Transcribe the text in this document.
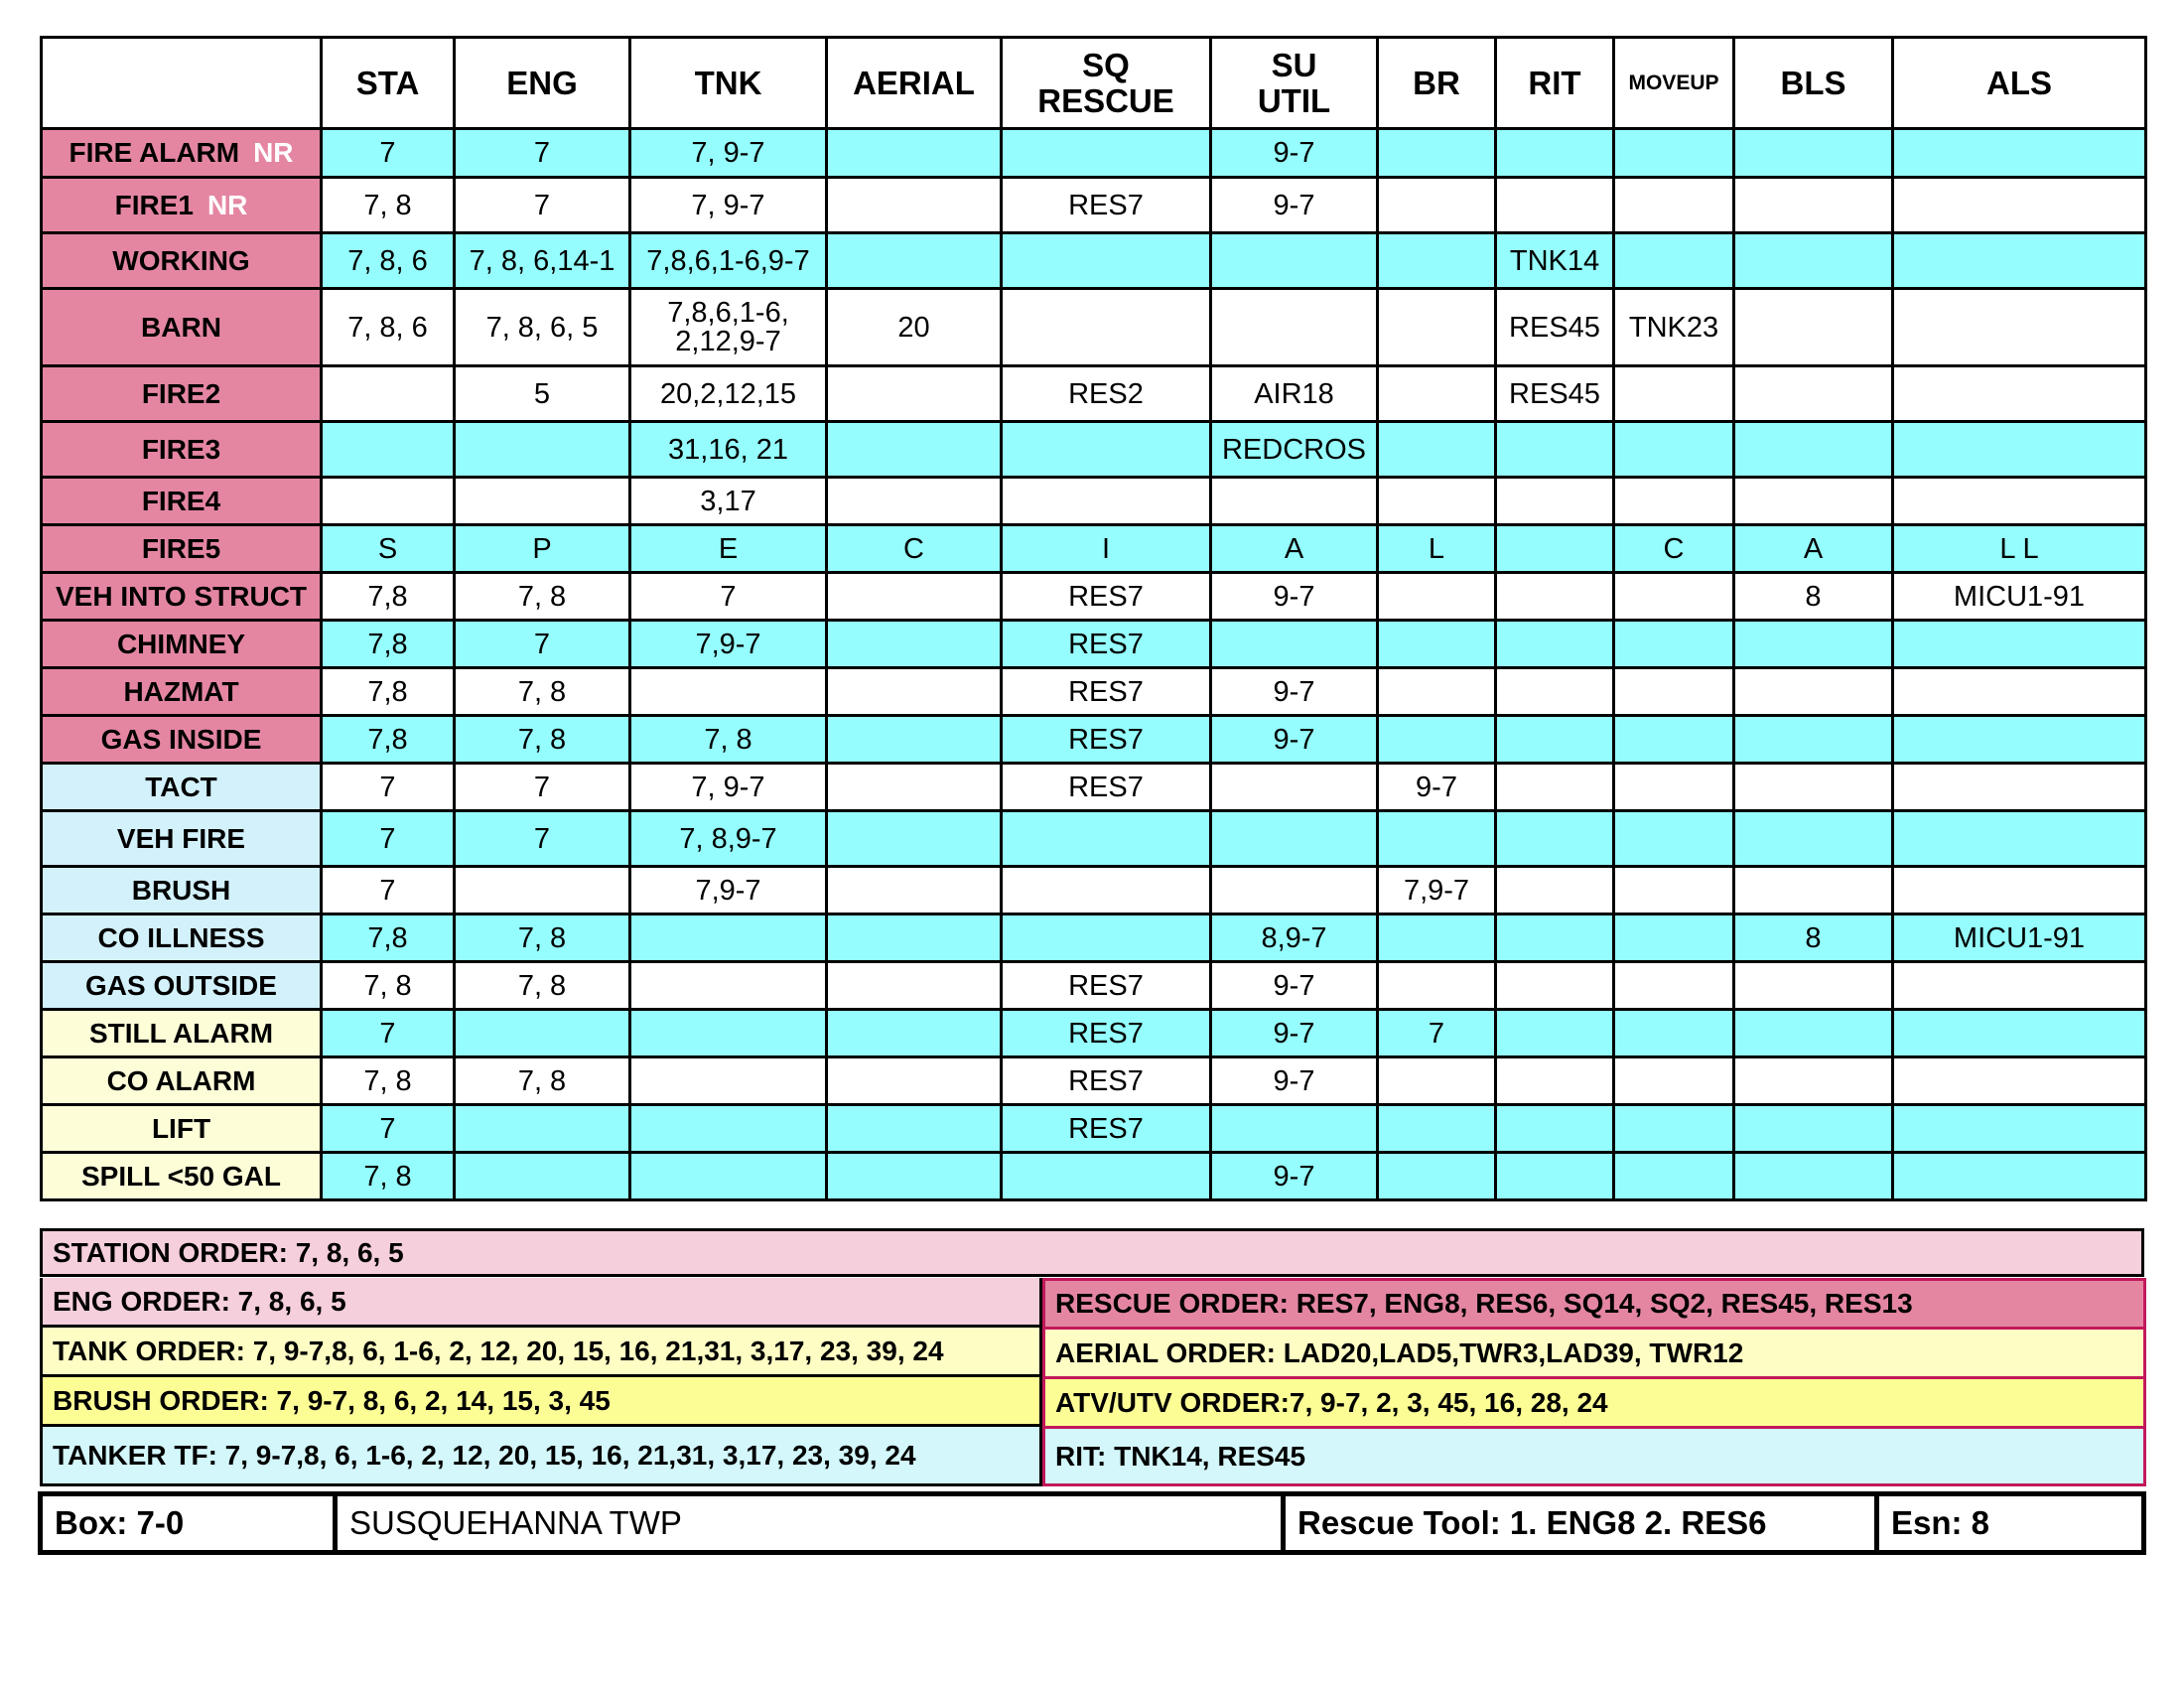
	STA	ENG	TNK	AERIAL	SQ
RESCUE	SU
UTIL	BR	RIT	MOVEUP	BLS	ALS
FIRE ALARM NR	7	7	7, 9-7			9-7					
FIRE1 NR	7, 8	7	7, 9-7		RES7	9-7					
WORKING	7, 8, 6	7, 8, 6,14-1	7,8,6,1-6,9-7					TNK14			
BARN	7, 8, 6	7, 8, 6, 5	7,8,6,1-6,
2,12,9-7	20				RES45	TNK23		
FIRE2		5	20,2,12,15		RES2	AIR18		RES45			
FIRE3			31,16, 21			REDCROS					
FIRE4			3,17								
FIRE5	S	P	E	C	I	A	L		C	A	L L
VEH INTO STRUCT	7,8	7, 8	7		RES7	9-7				8	MICU1-91
CHIMNEY	7,8	7	7,9-7		RES7						
HAZMAT	7,8	7, 8			RES7	9-7					
GAS INSIDE	7,8	7, 8	7, 8		RES7	9-7					
TACT	7	7	7, 9-7		RES7		9-7				
VEH FIRE	7	7	7, 8,9-7								
BRUSH	7		7,9-7				7,9-7				
CO ILLNESS	7,8	7, 8				8,9-7				8	MICU1-91
GAS OUTSIDE	7, 8	7, 8			RES7	9-7					
STILL ALARM	7				RES7	9-7	7				
CO ALARM	7, 8	7, 8			RES7	9-7					
LIFT	7				RES7						
SPILL <50 GAL	7, 8					9-7					
STATION ORDER: 7, 8, 6, 5
ENG ORDER: 7, 8, 6, 5
TANK ORDER: 7, 9-7,8, 6, 1-6, 2, 12, 20, 15, 16, 21,31, 3,17, 23, 39, 24
BRUSH ORDER: 7, 9-7, 8, 6, 2, 14, 15, 3, 45
TANKER TF: 7, 9-7,8, 6, 1-6, 2, 12, 20, 15, 16, 21,31, 3,17, 23, 39, 24
RESCUE ORDER: RES7, ENG8, RES6, SQ14, SQ2, RES45, RES13
AERIAL ORDER: LAD20,LAD5,TWR3,LAD39, TWR12
ATV/UTV ORDER:7, 9-7, 2, 3, 45, 16, 28, 24
RIT: TNK14, RES45
Box: 7-0	SUSQUEHANNA TWP	Rescue Tool: 1. ENG8 2. RES6	Esn: 8
